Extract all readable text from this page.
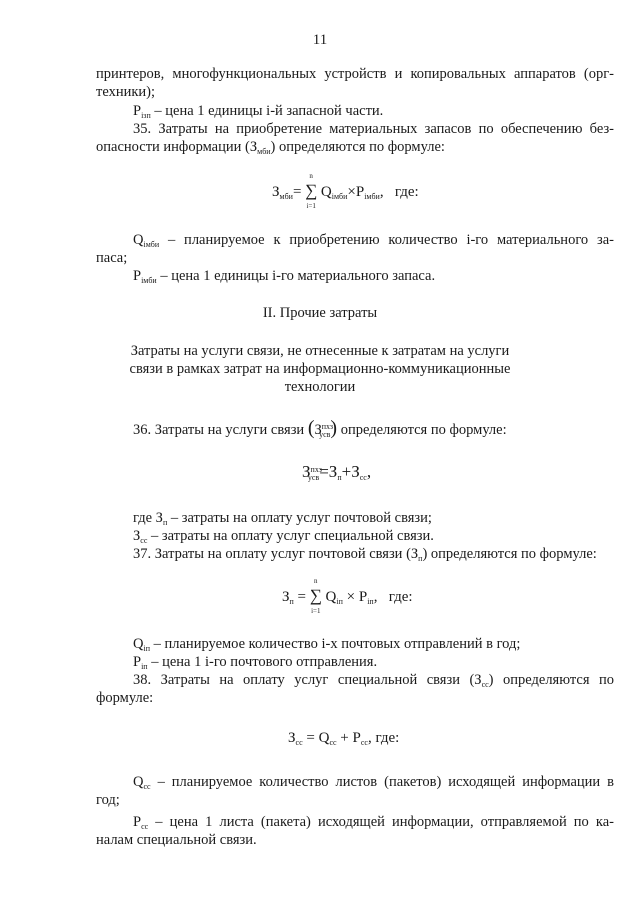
11
принтеров, многофункциональных устройств и копировальных аппаратов (орг-
техники);
$P_{iзп}$ – цена 1 единицы i-й запасной части.
35. Затраты на приобретение материальных запасов по обеспечению без-
опасности информации $(З_{мби})$ определяются по формуле:
$З_{мби}=$
n
∑
i=1
$Q_{iмби}\times P_{iмби}$,   где:
$Q_{iмби}$ – планируемое к приобретению количество i-го материального за-
паса;
$P_{iмби}$ – цена 1 единицы i-го материального запаса.
II. Прочие затраты
Затраты на услуги связи, не отнесенные к затратам на услуги
связи в рамках затрат на информационно-коммуникационные
технологии
36. Затраты на услуги связи $(З^{пхз}_{усв})$ определяются по формуле:
$З^{пхз}_{усв}=З_п+З_{сс}$,
где $З_п$ – затраты на оплату услуг почтовой связи;
$З_{сс}$ – затраты на оплату услуг специальной связи.
37. Затраты на оплату услуг почтовой связи $(З_п)$ определяются по формуле:
$З_п$ =
n
∑
i=1
$Q_{iп} \times P_{iп}$,   где:
$Q_{iп}$ – планируемое количество i-х почтовых отправлений в год;
$P_{iп}$ – цена 1 i-го почтового отправления.
38. Затраты на оплату услуг специальной связи $(З_{сс})$ определяются по
формуле:
$З_{сс} = Q_{сс} + P_{сс}$, где:
$Q_{сс}$ – планируемое количество листов (пакетов) исходящей информации в
год;
$P_{сс}$ – цена 1 листа (пакета) исходящей информации, отправляемой по ка-
налам специальной связи.
